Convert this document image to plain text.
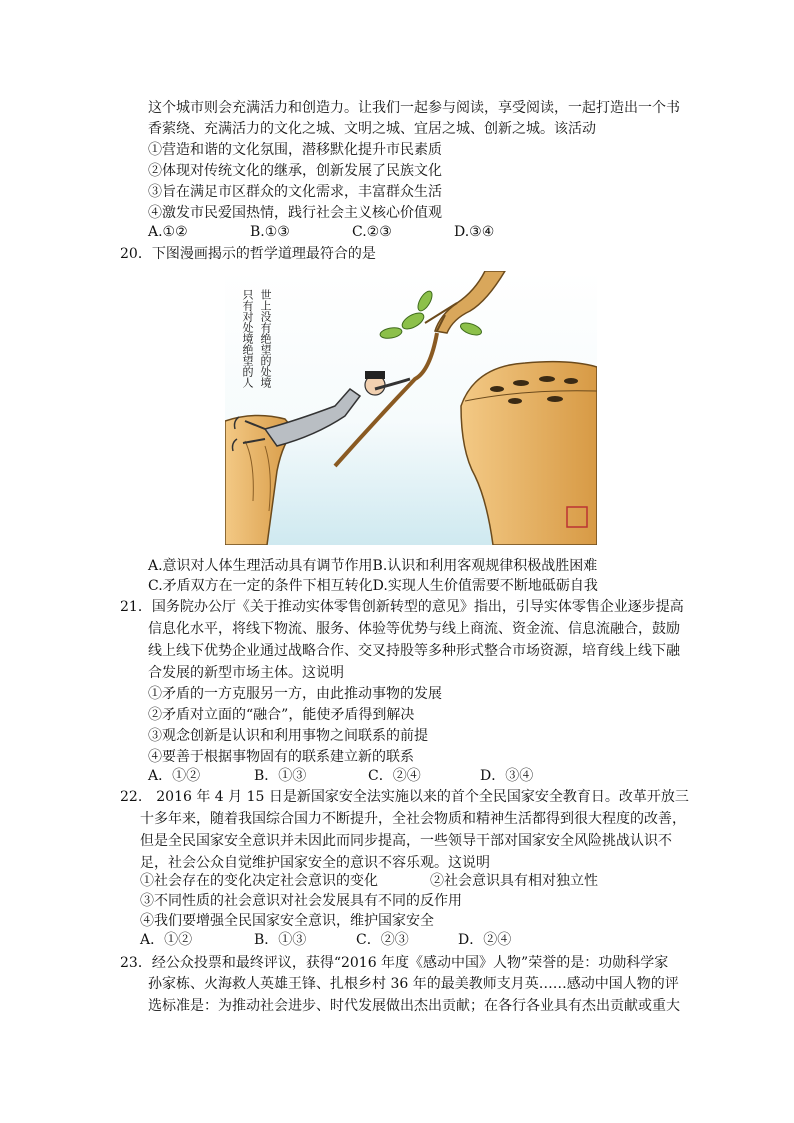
这个城市则会充满活力和创造力。让我们一起参与阅读，享受阅读，一起打造出一个书
香萦绕、充满活力的文化之城、文明之城、宜居之城、创新之城。该活动
①营造和谐的文化氛围，潜移默化提升市民素质
②体现对传统文化的继承，创新发展了民族文化
③旨在满足市区群众的文化需求，丰富群众生活
④激发市民爱国热情，践行社会主义核心价值观
A.①②	B.①③	C.②③	D.③④
20．下图漫画揭示的哲学道理最符合的是
世上没有绝望的处境
只有对处境绝望的人
A.意识对人体生理活动具有调节作用B.认识和利用客观规律积极战胜困难
C.矛盾双方在一定的条件下相互转化D.实现人生价值需要不断地砥砺自我
21．国务院办公厅《关于推动实体零售创新转型的意见》指出，引导实体零售企业逐步提高
信息化水平，将线下物流、服务、体验等优势与线上商流、资金流、信息流融合，鼓励
线上线下优势企业通过战略合作、交叉持股等多种形式整合市场资源，培育线上线下融
合发展的新型市场主体。这说明
①矛盾的一方克服另一方，由此推动事物的发展
②矛盾对立面的“融合”，能使矛盾得到解决
③观念创新是认识和利用事物之间联系的前提
④要善于根据事物固有的联系建立新的联系
A．①②	B．①③	C．②④	D．③④
22.　2016 年 4 月 15 日是新国家安全法实施以来的首个全民国家安全教育日。改革开放三
十多年来，随着我国综合国力不断提升，全社会物质和精神生活都得到很大程度的改善，
但是全民国家安全意识并未因此而同步提高，一些领导干部对国家安全风险挑战认识不
足，社会公众自觉维护国家安全的意识不容乐观。这说明
①社会存在的变化决定社会意识的变化	②社会意识具有相对独立性
③不同性质的社会意识对社会发展具有不同的反作用
④我们要增强全民国家安全意识，维护国家安全
A．①②	B．①③	C．②③	D．②④
23．经公众投票和最终评议，获得“2016 年度《感动中国》人物”荣誉的是：功勋科学家
孙家栋、火海救人英雄王锋、扎根乡村 36 年的最美教师支月英……感动中国人物的评
选标准是：为推动社会进步、时代发展做出杰出贡献；在各行各业具有杰出贡献或重大
